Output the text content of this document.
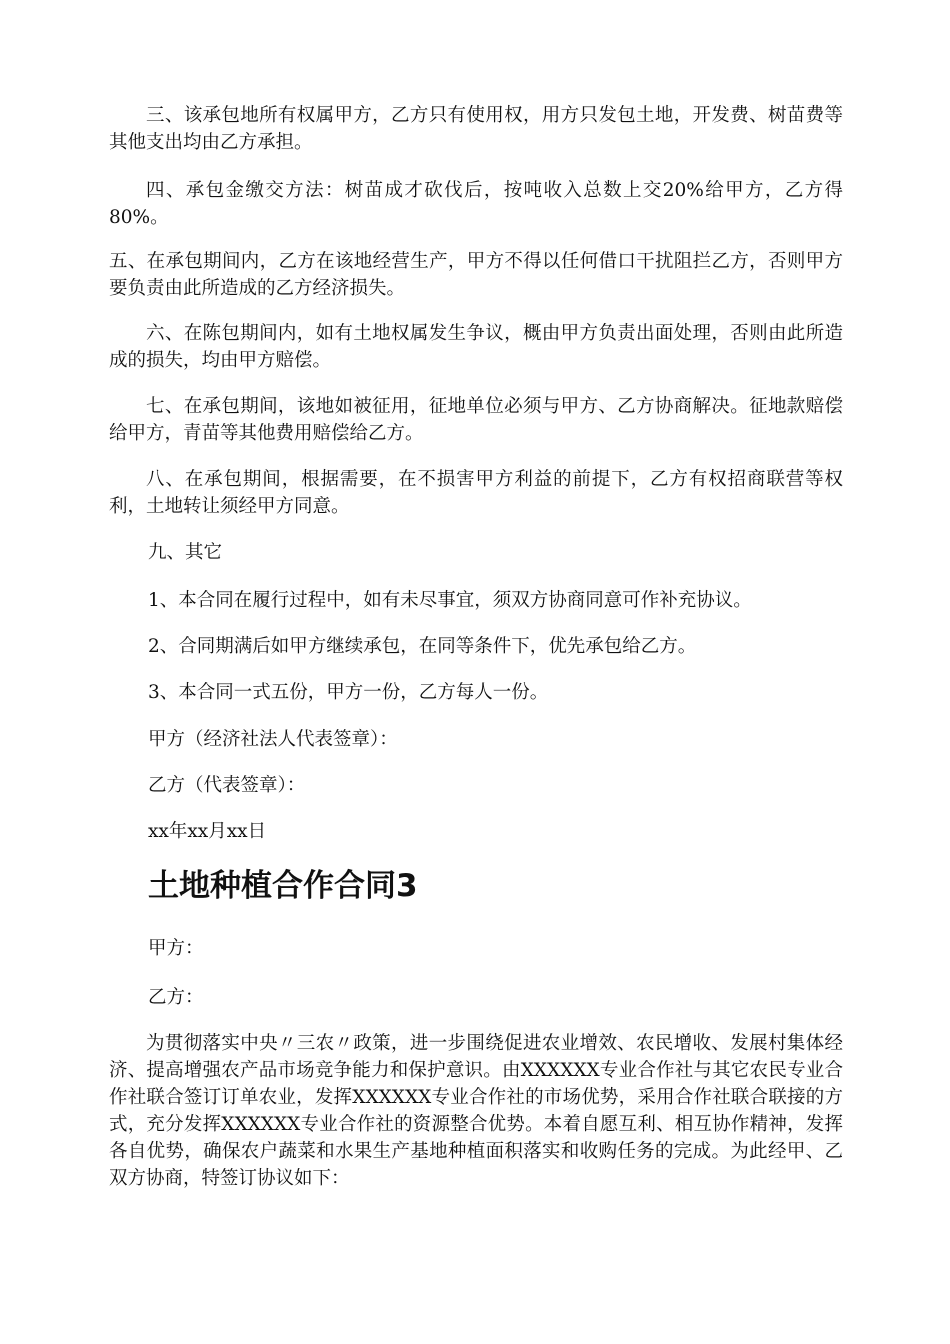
三、该承包地所有权属甲方，乙方只有使用权，用方只发包土地，开发费、树苗费等其他支出均由乙方承担。

四、承包金缴交方法：树苗成才砍伐后，按吨收入总数上交20%给甲方，乙方得80%。

五、在承包期间内，乙方在该地经营生产，甲方不得以任何借口干扰阻拦乙方，否则甲方要负责由此所造成的乙方经济损失。

六、在陈包期间内，如有土地权属发生争议，概由甲方负责出面处理，否则由此所造成的损失，均由甲方赔偿。

七、在承包期间，该地如被征用，征地单位必须与甲方、乙方协商解决。征地款赔偿给甲方，青苗等其他费用赔偿给乙方。

八、在承包期间，根据需要，在不损害甲方利益的前提下，乙方有权招商联营等权利，土地转让须经甲方同意。

九、其它

1、本合同在履行过程中，如有未尽事宜，须双方协商同意可作补充协议。

2、合同期满后如甲方继续承包，在同等条件下，优先承包给乙方。

3、本合同一式五份，甲方一份，乙方每人一份。

甲方（经济社法人代表签章）：

乙方（代表签章）：

xx年xx月xx日

土地种植合作合同3

甲方：

乙方：

为贯彻落实中央〃三农〃政策，进一步围绕促进农业增效、农民增收、发展村集体经济、提高增强农产品市场竞争能力和保护意识。由XXXXXX专业合作社与其它农民专业合作社联合签订订单农业，发挥XXXXXX专业合作社的市场优势，采用合作社联合联接的方式，充分发挥XXXXXX专业合作社的资源整合优势。本着自愿互利、相互协作精神，发挥各自优势，确保农户蔬菜和水果生产基地种植面积落实和收购任务的完成。为此经甲、乙双方协商，特签订协议如下：
